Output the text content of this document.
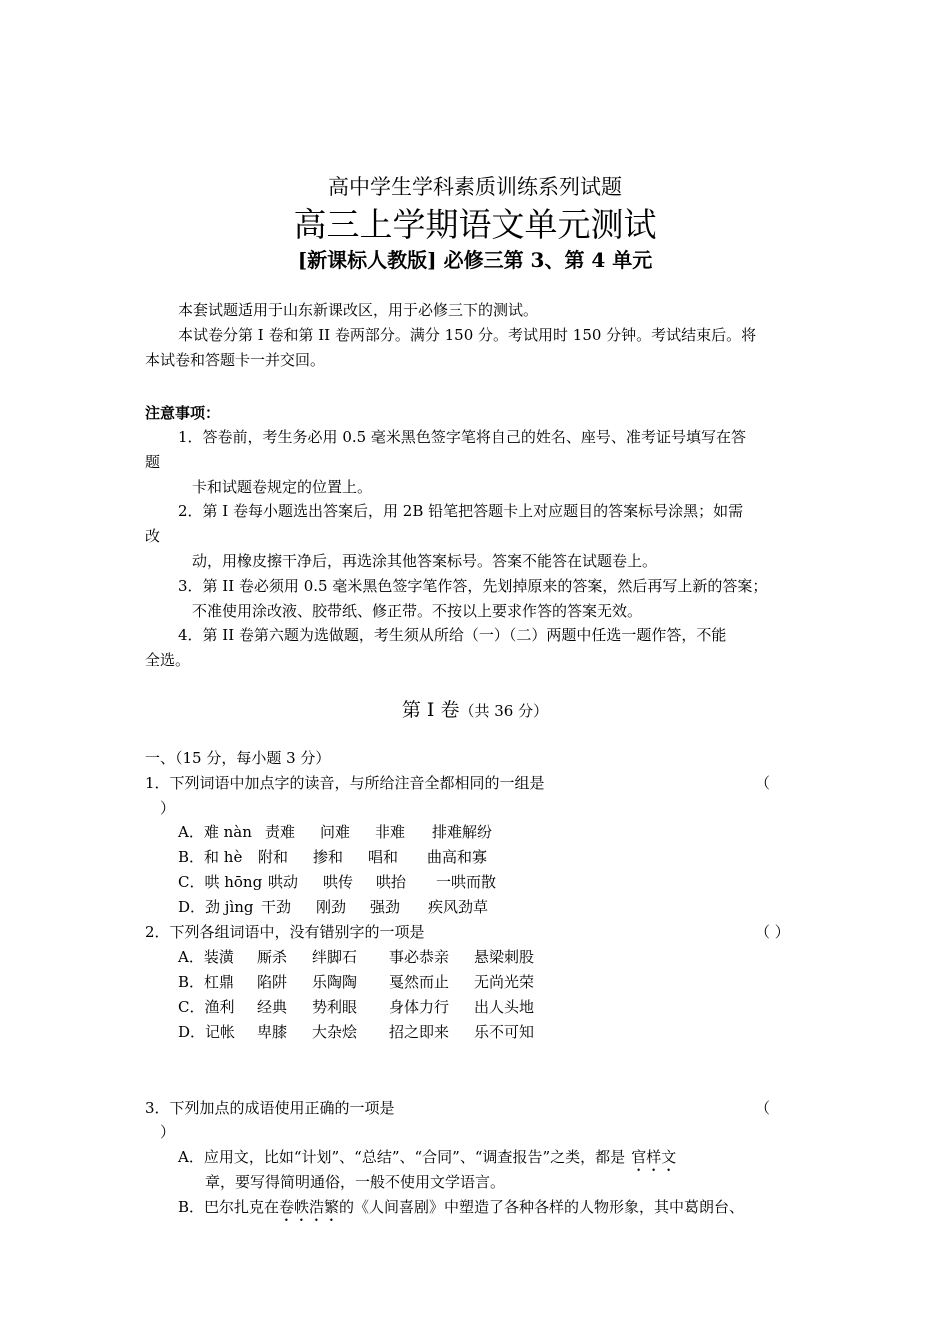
高中学生学科素质训练系列试题
高三上学期语文单元测试
[新课标人教版] 必修三第 3、第 4 单元
本套试题适用于山东新课改区，用于必修三下的测试。
本试卷分第 I 卷和第 II 卷两部分。满分 150 分。考试用时 150 分钟。考试结束后。将
本试卷和答题卡一并交回。
注意事项：
1．答卷前，考生务必用 0.5 毫米黑色签字笔将自己的姓名、座号、准考证号填写在答
题
卡和试题卷规定的位置上。
2．第 I 卷每小题选出答案后，用 2B 铅笔把答题卡上对应题目的答案标号涂黑；如需
改
动，用橡皮擦干净后，再选涂其他答案标号。答案不能答在试题卷上。
3．第 II 卷必须用 0.5 毫米黑色签字笔作答，先划掉原来的答案，然后再写上新的答案；
不准使用涂改液、胶带纸、修正带。不按以上要求作答的答案无效。
4．第 II 卷第六题为选做题，考生须从所给（一）（二）两题中任选一题作答，不能
全选。
第 I 卷（共 36 分）
一、（15 分，每小题 3 分）
1．下列词语中加点字的读音，与所给注音全都相同的一组是	（
）
A．难 nàn 责难 问难 非难 排难解纷
B．和 hè 附和 掺和 唱和 曲高和寡
C．哄 hōng 哄动 哄传 哄抬 一哄而散
D．劲 jìng 干劲 刚劲 强劲 疾风劲草
2．下列各组词语中，没有错别字的一项是	（ ）
A．装潢 厮杀 绊脚石 事必恭亲 悬梁刺股
B．杠鼎 陷阱 乐陶陶 戛然而止 无尚光荣
C．渔利 经典 势利眼 身体力行 出人头地
D．记帐 卑膝 大杂烩 招之即来 乐不可知
3．下列加点的成语使用正确的一项是	（
）
A．应用文，比如“计划”、“总结”、“合同”、“调查报告”之类，都是 官样文
章，要写得简明通俗，一般不使用文学语言。
B．巴尔扎克在卷帙浩繁的《人间喜剧》中塑造了各种各样的人物形象，其中葛朗台、
